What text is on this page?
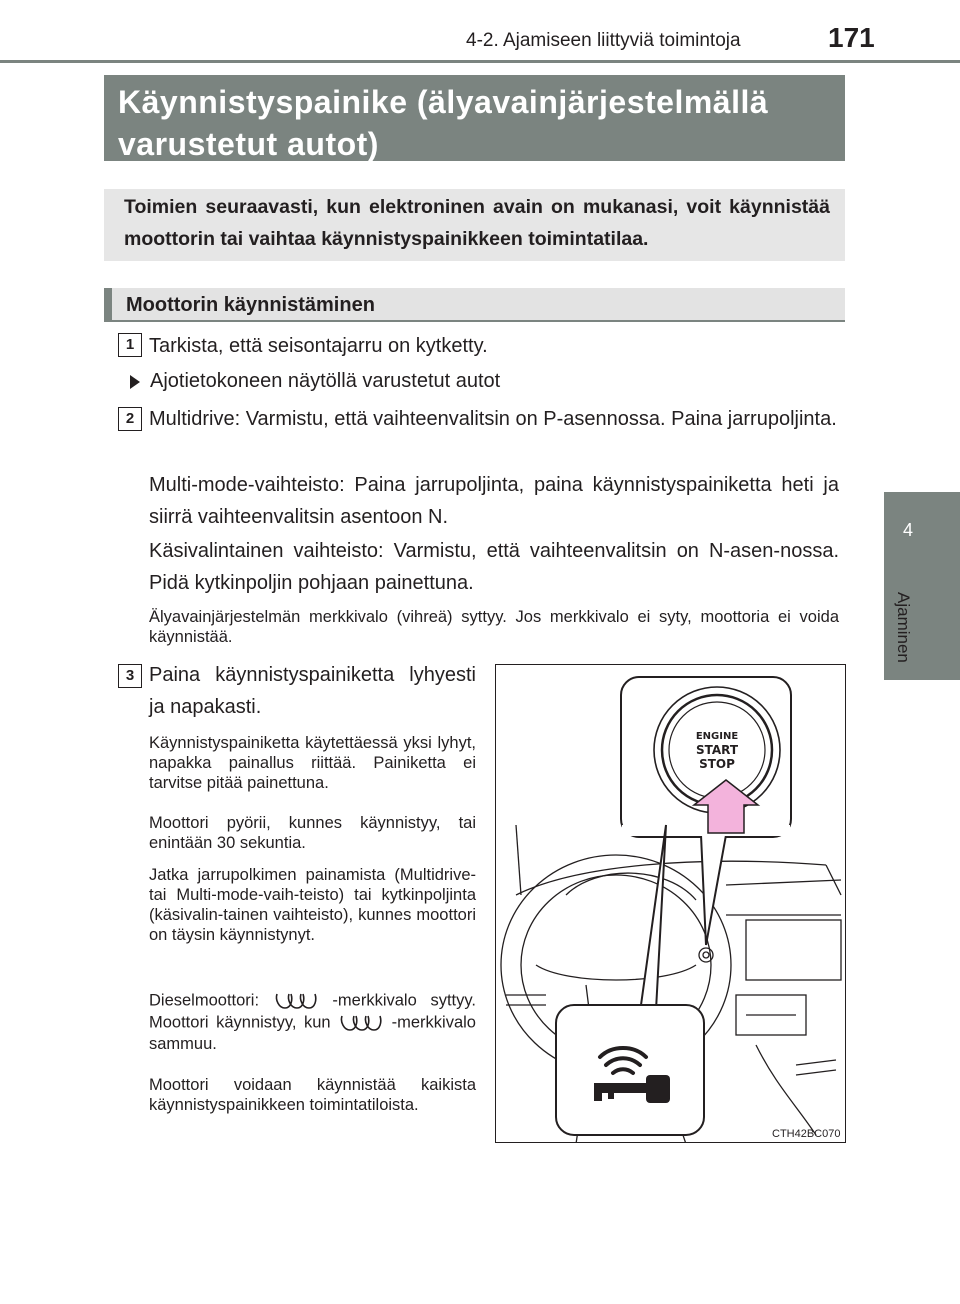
4-2. Ajamiseen liittyviä toimintoja	171
4
Ajaminen
Käynnistyspainike (älyavainjärjestelmällä
varustetut autot)
Toimien seuraavasti, kun elektroninen avain on mukanasi, voit käynnistää moottorin tai vaihtaa käynnistyspainikkeen toimintatilaa.
Moottorin käynnistäminen
1 Tarkista, että seisontajarru on kytketty.
Ajotietokoneen näytöllä varustetut autot
2 Multidrive: Varmistu, että vaihteenvalitsin on P-asennossa. Paina jarrupoljinta.
Multi-mode-vaihteisto: Paina jarrupoljinta, paina käynnistyspainiketta heti ja siirrä vaihteenvalitsin asentoon N.
Käsivalintainen vaihteisto: Varmistu, että vaihteenvalitsin on N-asen-nossa. Pidä kytkinpoljin pohjaan painettuna.
Älyavainjärjestelmän merkkivalo (vihreä) syttyy. Jos merkkivalo ei syty, moottoria ei voida käynnistää.
3 Paina käynnistyspainiketta lyhyesti ja napakasti.
Käynnistyspainiketta käytettäessä yksi lyhyt, napakka painallus riittää. Painiketta ei tarvitse pitää painettuna.
Moottori pyörii, kunnes käynnistyy, tai enintään 30 sekuntia.
Jatka jarrupolkimen painamista (Multidrive- tai Multi-mode-vaih-teisto) tai kytkinpoljinta (käsivalin-tainen vaihteisto), kunnes moottori on täysin käynnistynyt.
Dieselmoottori:	-merkkivalo syttyy. Moottori käynnistyy, kun	-merkkivalo sammuu.
Moottori voidaan käynnistää kaikista käynnistyspainikkeen toimintatiloista.
ENGINE
START
STOP
CTH42BC070
